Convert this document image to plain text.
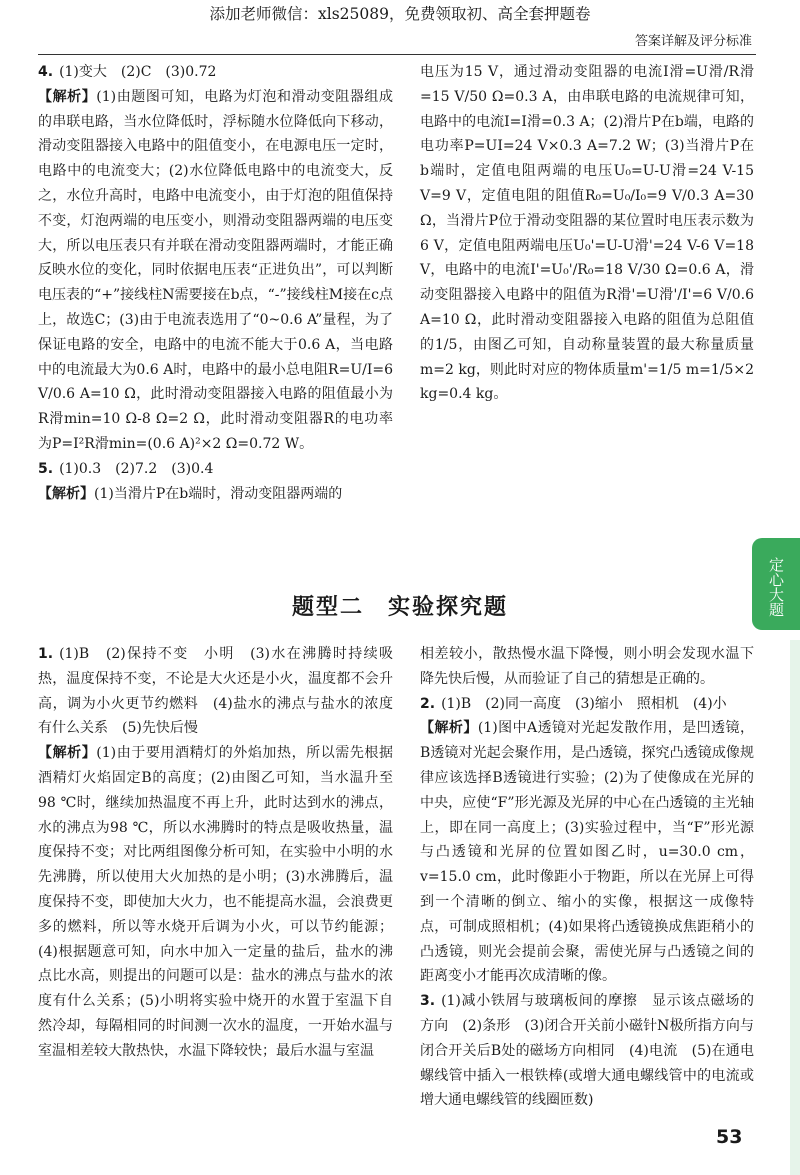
添加老师微信：xls25089，免费领取初、高全套押题卷
答案详解及评分标准
4. (1)变大　(2)C　(3)0.72
【解析】(1)由题图可知，电路为灯泡和滑动变阻器组成的串联电路，当水位降低时，浮标随水位降低向下移动，滑动变阻器接入电路中的阻值变小，在电源电压一定时，电路中的电流变大；(2)水位降低电路中的电流变大，反之，水位升高时，电路中电流变小，由于灯泡的阻值保持不变，灯泡两端的电压变小，则滑动变阻器两端的电压变大，所以电压表只有并联在滑动变阻器两端时，才能正确反映水位的变化，同时依据电压表“正进负出”，可以判断电压表的“+”接线柱N需要接在b点，“-”接线柱M接在c点上，故选C；(3)由于电流表选用了“0~0.6 A”量程，为了保证电路的安全，电路中的电流不能大于0.6 A，当电路中的电流最大为0.6 A时，电路中的最小总电阻R=U/I=6 V/0.6 A=10 Ω，此时滑动变阻器接入电路的阻值最小为R滑min=10 Ω-8 Ω=2 Ω，此时滑动变阻器R的电功率为P=I²R滑min=(0.6 A)²×2 Ω=0.72 W。
5. (1)0.3　(2)7.2　(3)0.4
【解析】(1)当滑片P在b端时，滑动变阻器两端的
电压为15 V，通过滑动变阻器的电流I滑=U滑/R滑=15 V/50 Ω=0.3 A，由串联电路的电流规律可知，电路中的电流I=I滑=0.3 A；(2)滑片P在b端，电路的电功率P=UI=24 V×0.3 A=7.2 W；(3)当滑片P在b端时，定值电阻两端的电压U₀=U-U滑=24 V-15 V=9 V，定值电阻的阻值R₀=U₀/I₀=9 V/0.3 A=30 Ω，当滑片P位于滑动变阻器的某位置时电压表示数为6 V，定值电阻两端电压U₀'=U-U滑'=24 V-6 V=18 V，电路中的电流I'=U₀'/R₀=18 V/30 Ω=0.6 A，滑动变阻器接入电路中的阻值为R滑'=U滑'/I'=6 V/0.6 A=10 Ω，此时滑动变阻器接入电路的阻值为总阻值的1/5，由图乙可知，自动称量装置的最大称量质量m=2 kg，则此时对应的物体质量m'=1/5 m=1/5×2 kg=0.4 kg。
题型二　实验探究题
1. (1)B　(2)保持不变　小明　(3)水在沸腾时持续吸热，温度保持不变，不论是大火还是小火，温度都不会升高，调为小火更节约燃料　(4)盐水的沸点与盐水的浓度有什么关系　(5)先快后慢
【解析】(1)由于要用酒精灯的外焰加热，所以需先根据酒精灯火焰固定B的高度；(2)由图乙可知，当水温升至98 ℃时，继续加热温度不再上升，此时达到水的沸点，水的沸点为98 ℃，所以水沸腾时的特点是吸收热量，温度保持不变；对比两组图像分析可知，在实验中小明的水先沸腾，所以使用大火加热的是小明；(3)水沸腾后，温度保持不变，即使加大火力，也不能提高水温，会浪费更多的燃料，所以等水烧开后调为小火，可以节约能源；(4)根据题意可知，向水中加入一定量的盐后，盐水的沸点比水高，则提出的问题可以是：盐水的沸点与盐水的浓度有什么关系；(5)小明将实验中烧开的水置于室温下自然冷却，每隔相同的时间测一次水的温度，一开始水温与室温相差较大散热快，水温下降较快；最后水温与室温
相差较小，散热慢水温下降慢，则小明会发现水温下降先快后慢，从而验证了自己的猜想是正确的。
2. (1)B　(2)同一高度　(3)缩小　照相机　(4)小
【解析】(1)图中A透镜对光起发散作用，是凹透镜，B透镜对光起会聚作用，是凸透镜，探究凸透镜成像规律应该选择B透镜进行实验；(2)为了使像成在光屏的中央，应使“F”形光源及光屏的中心在凸透镜的主光轴上，即在同一高度上；(3)实验过程中，当“F”形光源与凸透镜和光屏的位置如图乙时，u=30.0 cm，v=15.0 cm，此时像距小于物距，所以在光屏上可得到一个清晰的倒立、缩小的实像，根据这一成像特点，可制成照相机；(4)如果将凸透镜换成焦距稍小的凸透镜，则光会提前会聚，需使光屏与凸透镜之间的距离变小才能再次成清晰的像。
3. (1)减小铁屑与玻璃板间的摩擦　显示该点磁场的方向　(2)条形　(3)闭合开关前小磁针N极所指方向与闭合开关后B处的磁场方向相同　(4)电流　(5)在通电螺线管中插入一根铁棒(或增大通电螺线管中的电流或增大通电螺线管的线圈匝数)
定心大题
53
